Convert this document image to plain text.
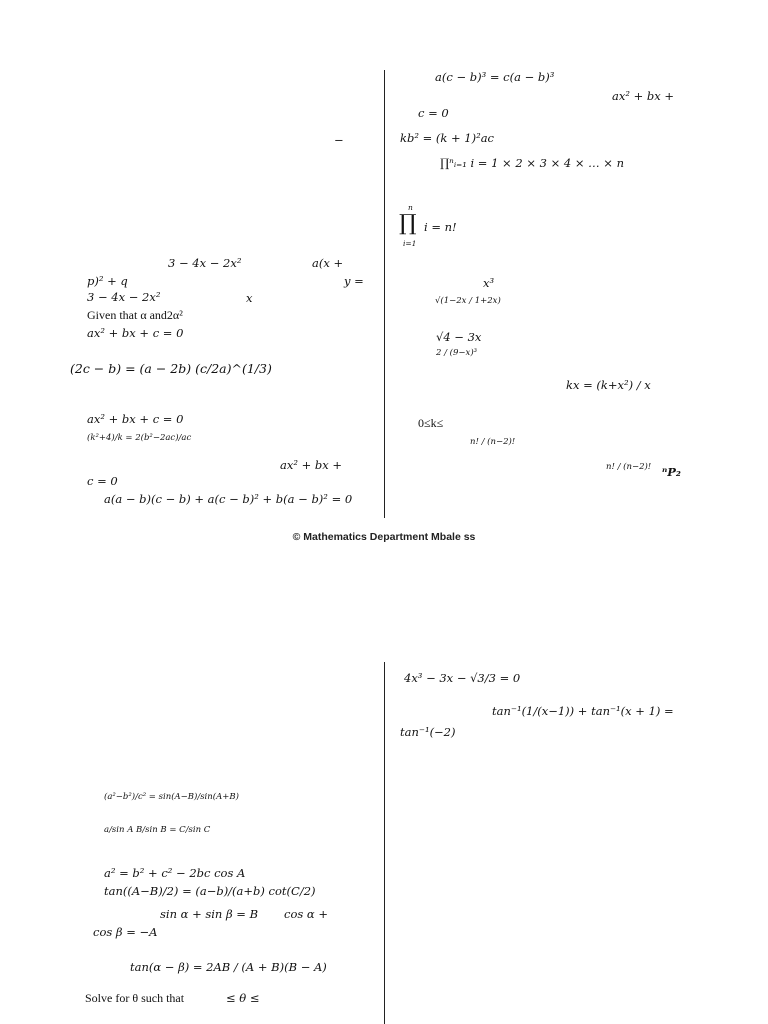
a(c − b)³ = c(a − b)³
ax² + bx +
c = 0
kb² = (k + 1)²ac
∏ⁿᵢ₌₁ i = 1 × 2 × 3 × 4 × … × n
n
∏
i=1
i = n!
x³
√(1−2x / 1+2x)
√4 − 3x
2 / (9−x)³
kx = (k+x²) / x
0≤k≤
n! / (n−2)!
n! / (n−2)! ⁿP₂
−
3 − 4x − 2x²	a(x +
p)² + q	y =
3 − 4x − 2x²	x
Given that α and2α²
ax² + bx + c = 0
(2c − b) = (a − 2b) (c/2a)^(1/3)
ax² + bx + c = 0
(k²+4)/k = 2(b²−2ac)/ac
ax² + bx +
c = 0
a(a − b)(c − b) + a(c − b)² + b(a − b)² = 0
© Mathematics Department Mbale ss
4x³ − 3x − √3/3 = 0
tan⁻¹(1/(x−1)) + tan⁻¹(x + 1) =
tan⁻¹(−2)
(a²−b²)/c² = sin(A−B)/sin(A+B)
a/sin A B/sin B = C/sin C
a² = b² + c² − 2bc cos A
tan((A−B)/2) = (a−b)/(a+b) cot(C/2)
sin α + sin β = B cos α +
cos β = −A
tan(α − β) = 2AB / (A + B)(B − A)
Solve for θ such that	≤ θ ≤
